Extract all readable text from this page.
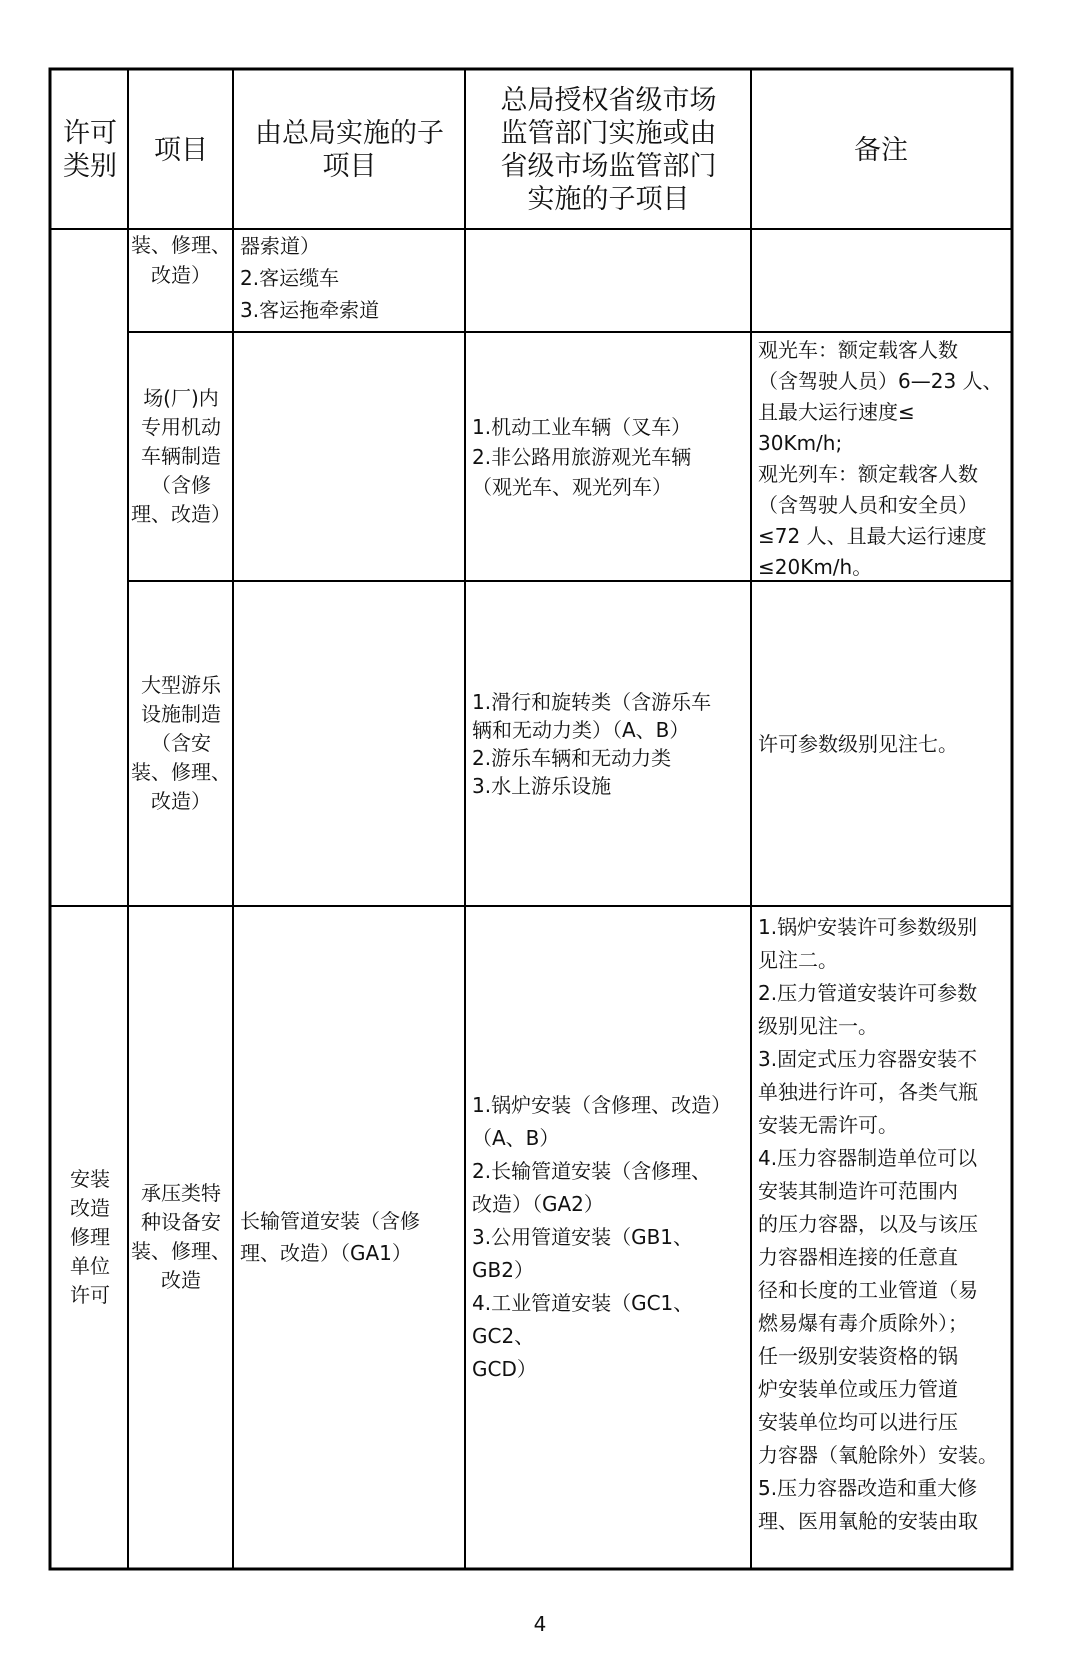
许可
类别
项目
由总局实施的子
项目
总局授权省级市场
监管部门实施或由
省级市场监管部门
实施的子项目
备注
装、修理、
改造）
器索道）
2.客运缆车
3.客运拖牵索道
场(厂)内
专用机动
车辆制造
（含修
理、改造）
1.机动工业车辆（叉车）
2.非公路用旅游观光车辆
（观光车、观光列车）
观光车：额定载客人数
（含驾驶人员）6—23 人、
且最大运行速度≤
30Km/h;
观光列车：额定载客人数
（含驾驶人员和安全员）
≤72 人、且最大运行速度
≤20Km/h。
大型游乐
设施制造
（含安
装、修理、
改造）
1.滑行和旋转类（含游乐车
辆和无动力类）（A、B）
2.游乐车辆和无动力类
3.水上游乐设施
许可参数级别见注七。
安装
改造
修理
单位
许可
承压类特
种设备安
装、修理、
改造
长输管道安装（含修
理、改造）（GA1）
1.锅炉安装（含修理、改造）
（A、B）
2.长输管道安装（含修理、
改造）（GA2）
3.公用管道安装（GB1、GB2）
4.工业管道安装（GC1、GC2、
GCD）
1.锅炉安装许可参数级别
见注二。
2.压力管道安装许可参数
级别见注一。
3.固定式压力容器安装不
单独进行许可，各类气瓶
安装无需许可。
4.压力容器制造单位可以
安装其制造许可范围内
的压力容器，以及与该压
力容器相连接的任意直
径和长度的工业管道（易
燃易爆有毒介质除外）；
任一级别安装资格的锅
炉安装单位或压力管道
安装单位均可以进行压
力容器（氧舱除外）安装。
5.压力容器改造和重大修
理、医用氧舱的安装由取
4
